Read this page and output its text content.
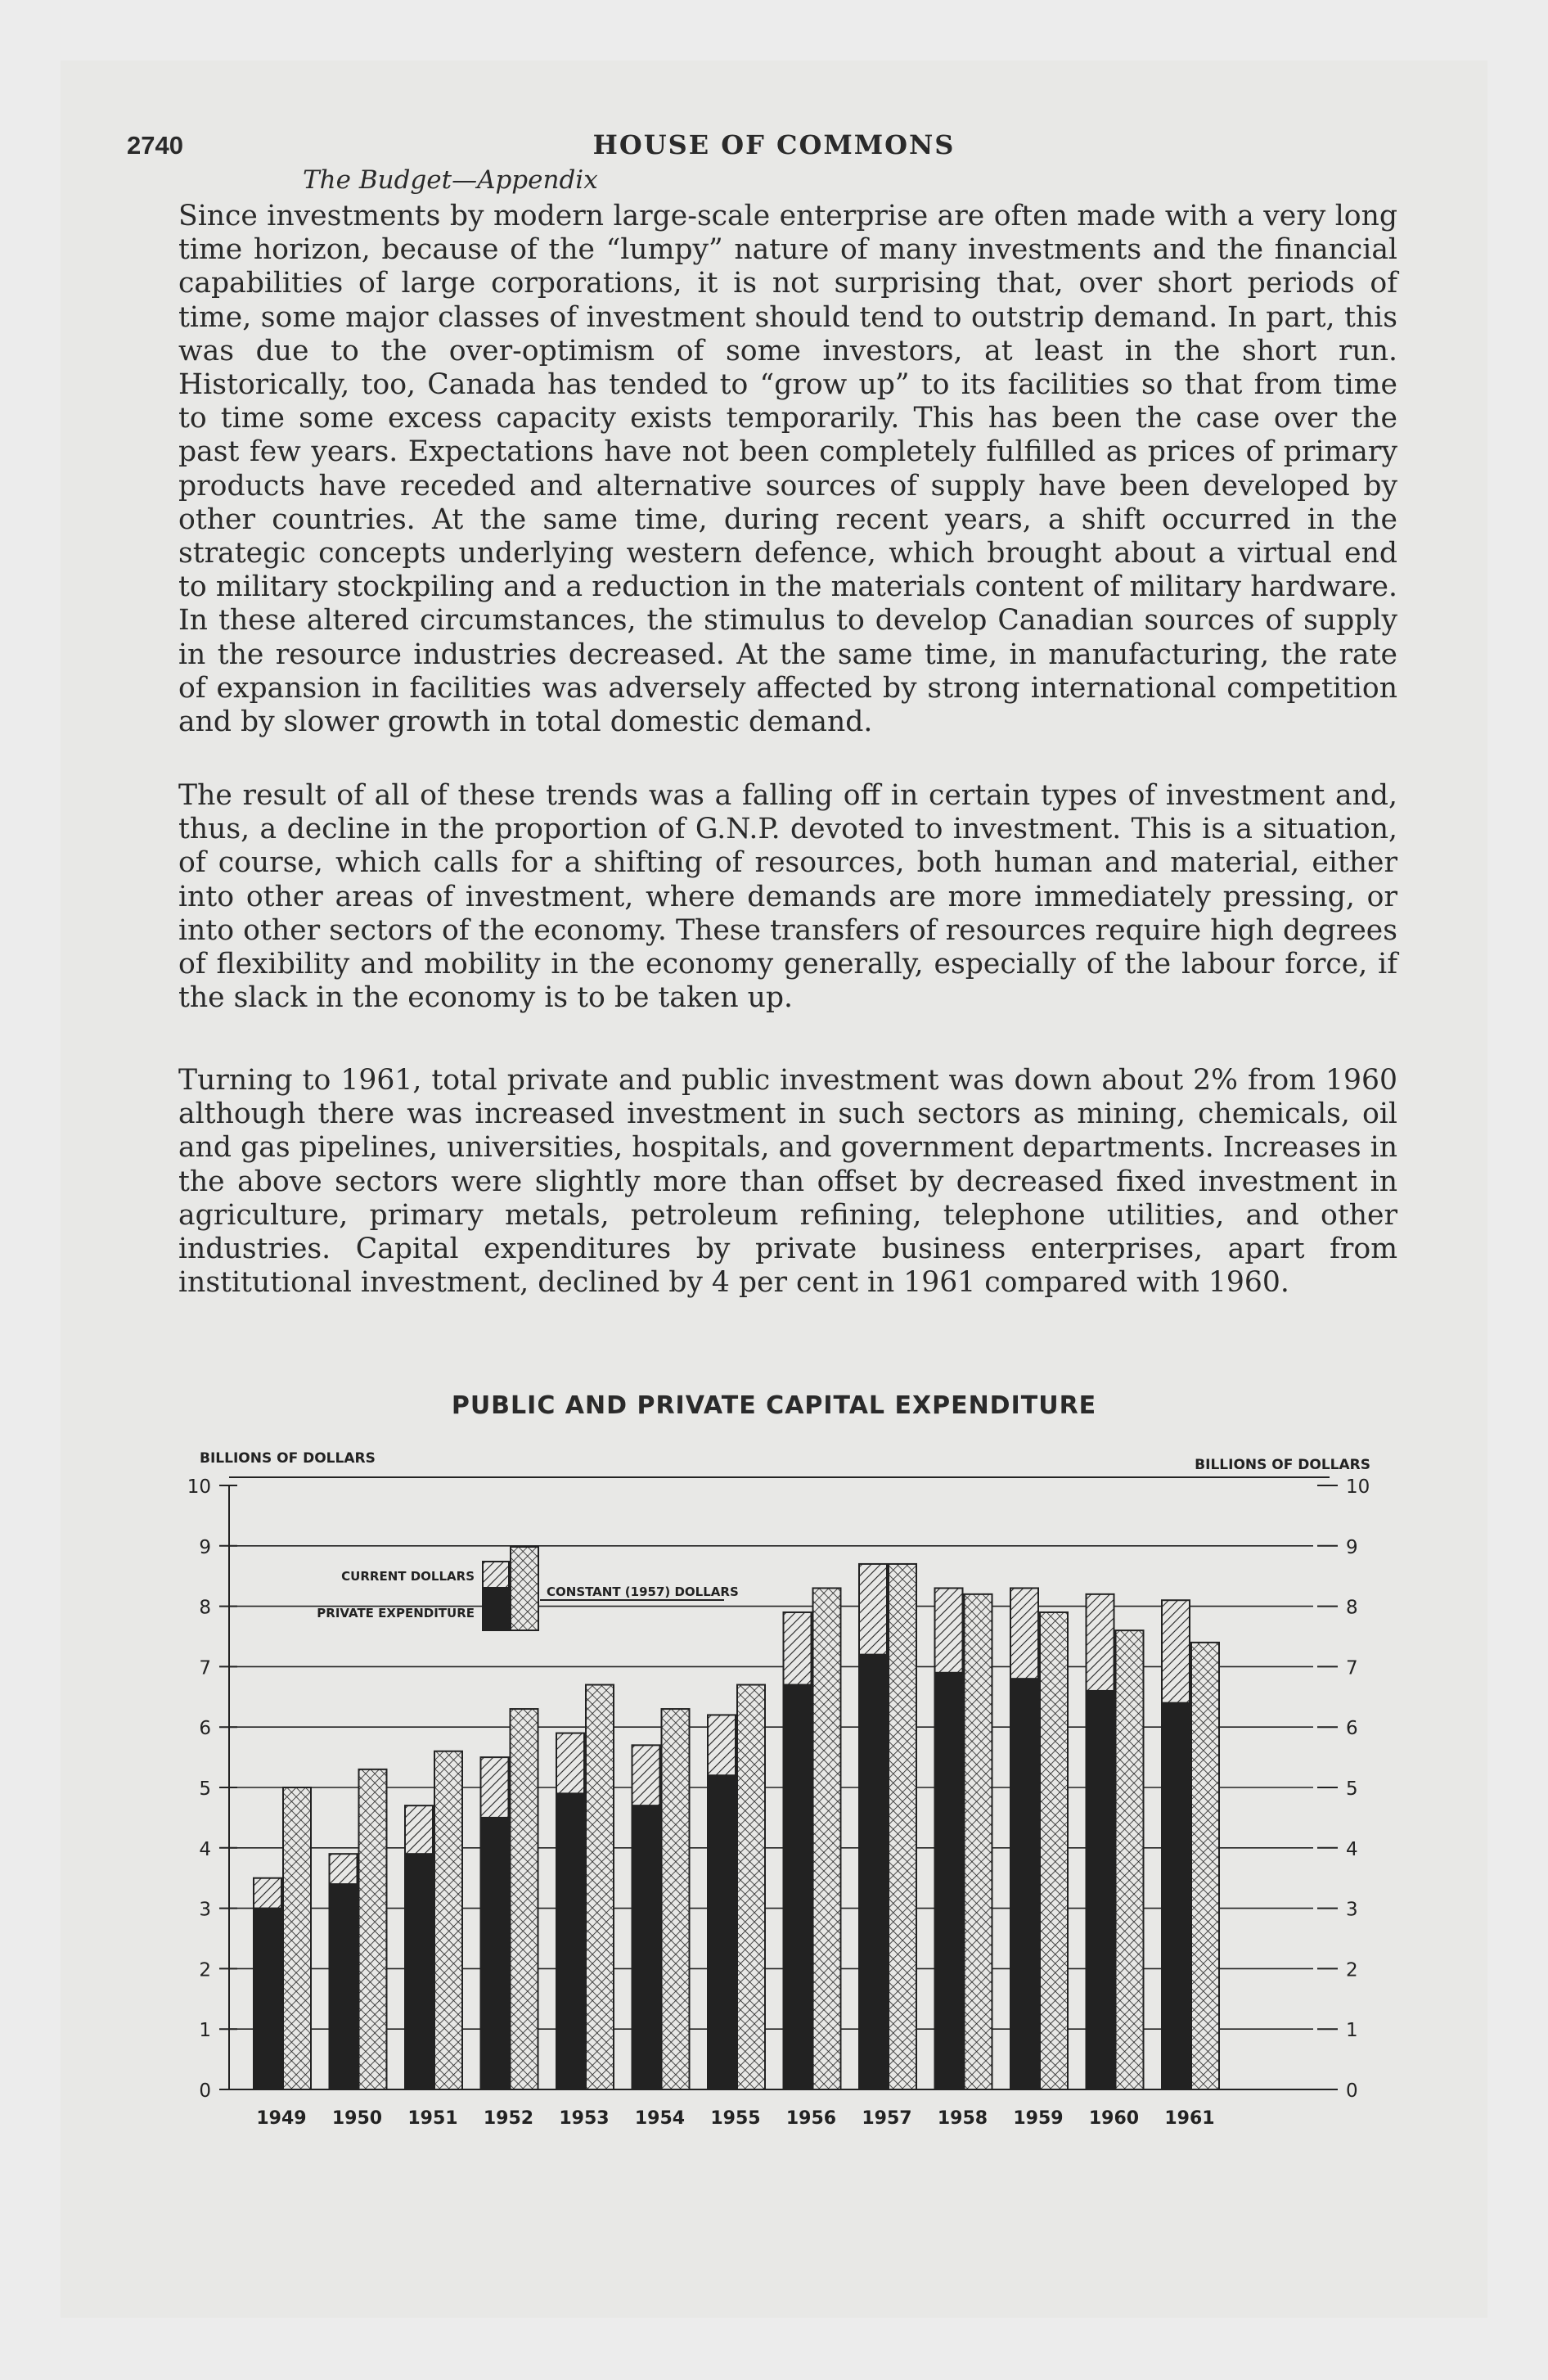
2740	HOUSE OF COMMONS
The Budget—Appendix

Since investments by modern large-scale enterprise are often made with a very long time horizon, because of the “lumpy” nature of many investments and the financial capabilities of large corporations, it is not surprising that, over short periods of time, some major classes of investment should tend to outstrip demand. In part, this was due to the over-optimism of some investors, at least in the short run. Historically, too, Canada has tended to “grow up” to its facilities so that from time to time some excess capacity exists temporarily. This has been the case over the past few years. Expectations have not been completely fulfilled as prices of primary products have receded and alternative sources of supply have been developed by other countries. At the same time, during recent years, a shift occurred in the strategic concepts underlying western defence, which brought about a virtual end to military stockpiling and a reduction in the materials content of military hardware. In these altered circumstances, the stimulus to develop Canadian sources of supply in the resource industries decreased. At the same time, in manufacturing, the rate of expansion in facilities was adversely affected by strong international competition and by slower growth in total domestic demand.

The result of all of these trends was a falling off in certain types of investment and, thus, a decline in the proportion of G.N.P. devoted to investment. This is a situation, of course, which calls for a shifting of resources, both human and material, either into other areas of investment, where demands are more immediately pressing, or into other sectors of the economy. These transfers of resources require high degrees of flexibility and mobility in the economy generally, especially of the labour force, if the slack in the economy is to be taken up.

Turning to 1961, total private and public investment was down about 2% from 1960 although there was increased investment in such sectors as mining, chemicals, oil and gas pipelines, universities, hospitals, and government departments. Increases in the above sectors were slightly more than offset by decreased fixed investment in agriculture, primary metals, petroleum refining, telephone utilities, and other industries. Capital expenditures by private business enterprises, apart from institutional investment, declined by 4 per cent in 1961 compared with 1960.

PUBLIC AND PRIVATE CAPITAL EXPENDITURE
0	0
1	1
2	2
3	3
4	4
5	5
6	6
7	7
8	8
9	9
10	10
BILLIONS OF DOLLARS	BILLIONS OF DOLLARS
1949 1950 1951 1952 1953 1954 1955 1956 1957 1958 1959 1960 1961
CURRENT DOLLARS
PRIVATE EXPENDITURE
CONSTANT (1957) DOLLARS
